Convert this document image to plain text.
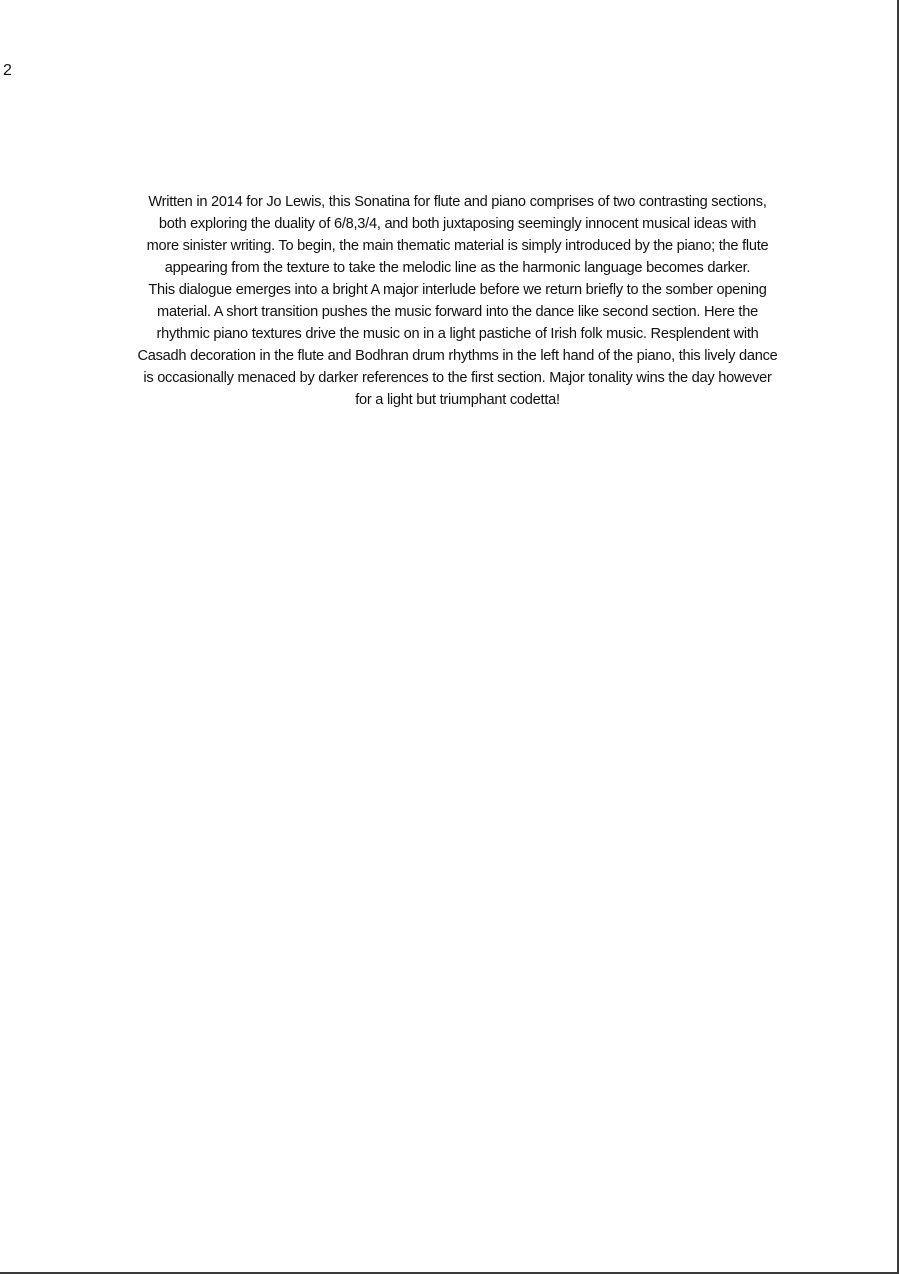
2
Written in 2014 for Jo Lewis, this Sonatina for flute and piano comprises of two contrasting sections,
both exploring the duality of 6/8,3/4, and both juxtaposing seemingly innocent musical ideas with
more sinister writing. To begin, the main thematic material is simply introduced by the piano; the flute
appearing from the texture to take the melodic line as the harmonic language becomes darker.
This dialogue emerges into a bright A major interlude before we return briefly to the somber opening
material. A short transition pushes the music forward into the dance like second section. Here the
rhythmic piano textures drive the music on in a light pastiche of Irish folk music. Resplendent with
Casadh decoration in the flute and Bodhran drum rhythms in the left hand of the piano, this lively dance
is occasionally menaced by darker references to the first section. Major tonality wins the day however
for a light but triumphant codetta!
